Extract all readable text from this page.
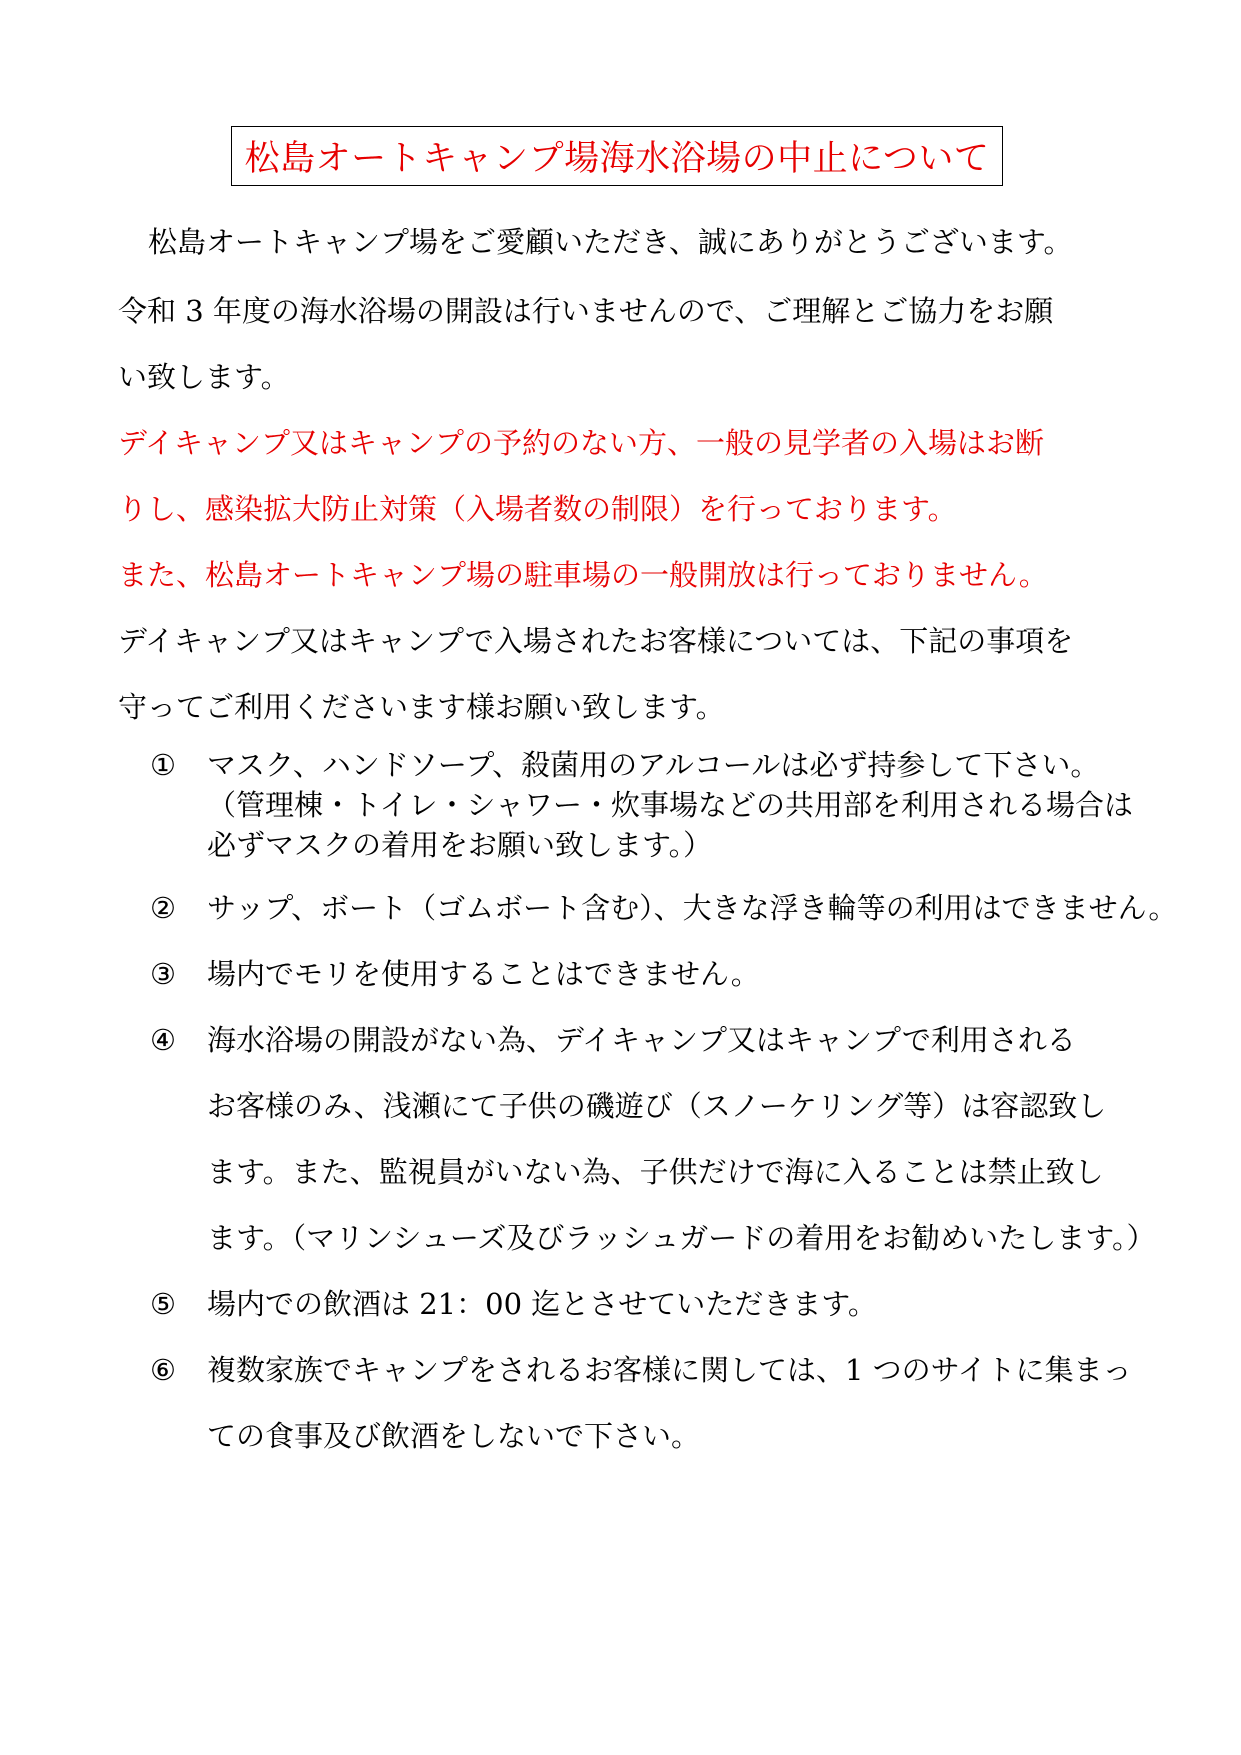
松島オートキャンプ場海水浴場の中止について
松島オートキャンプ場をご愛顧いただき、誠にありがとうございます。
令和 3 年度の海水浴場の開設は行いませんので、ご理解とご協力をお願
い致します。
デイキャンプ又はキャンプの予約のない方、一般の見学者の入場はお断
りし、感染拡大防止対策（入場者数の制限）を行っております。
また、松島オートキャンプ場の駐車場の一般開放は行っておりません。
デイキャンプ又はキャンプで入場されたお客様については、下記の事項を
守ってご利用くださいます様お願い致します。
① マスク、ハンドソープ、殺菌用のアルコールは必ず持参して下さい。
（管理棟・トイレ・シャワー・炊事場などの共用部を利用される場合は
必ずマスクの着用をお願い致します。）
② サップ、ボート（ゴムボート含む）、大きな浮き輪等の利用はできません。
③ 場内でモリを使用することはできません。
④ 海水浴場の開設がない為、デイキャンプ又はキャンプで利用される
お客様のみ、浅瀬にて子供の磯遊び（スノーケリング等）は容認致し
ます。また、監視員がいない為、子供だけで海に入ることは禁止致し
ます。（マリンシューズ及びラッシュガードの着用をお勧めいたします。）
⑤ 場内での飲酒は 21：00 迄とさせていただきます。
⑥ 複数家族でキャンプをされるお客様に関しては、1 つのサイトに集まっ
ての食事及び飲酒をしないで下さい。
